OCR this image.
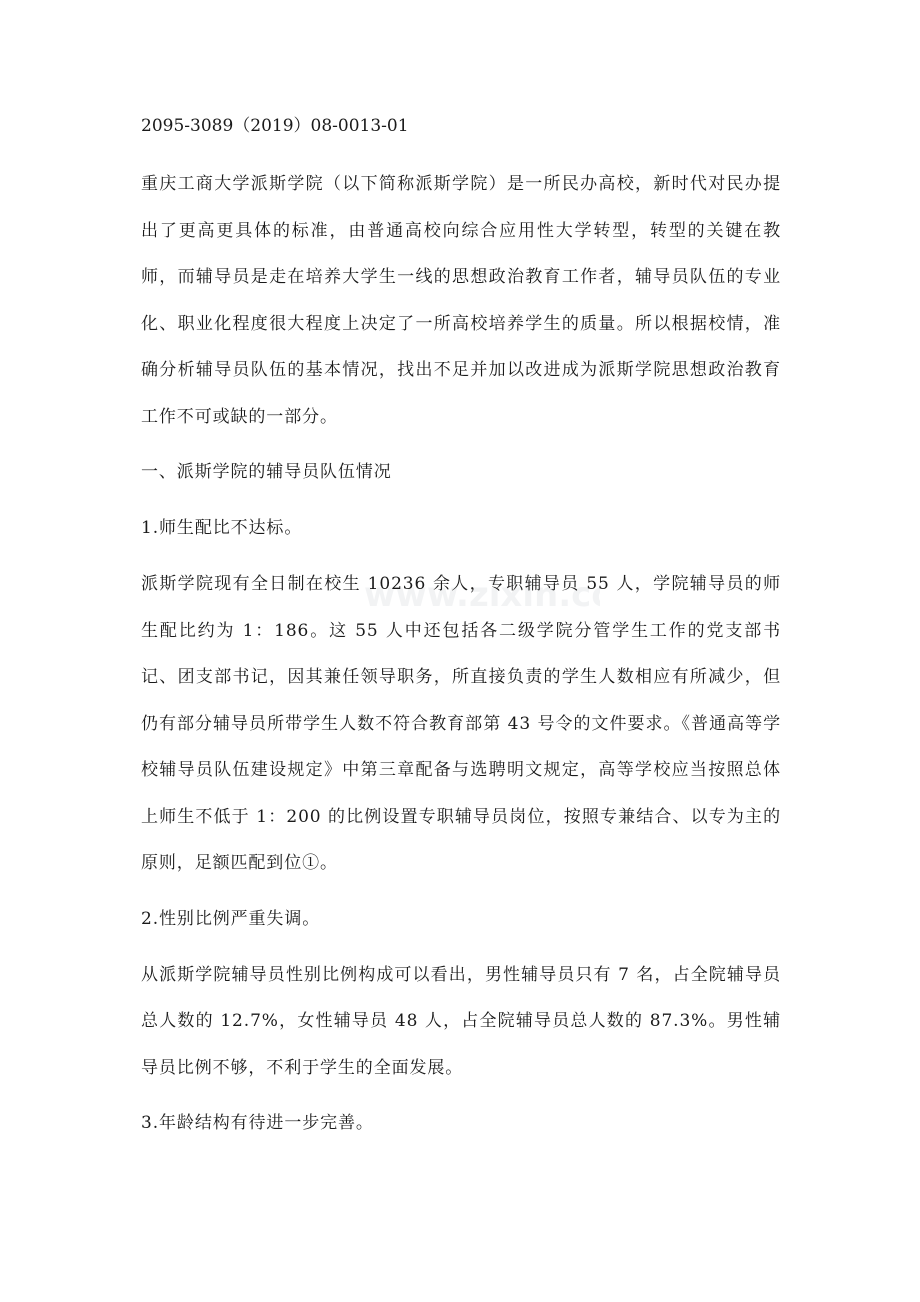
www.zixin.c

2095-3089（2019）08-0013-01

重庆工商大学派斯学院（以下简称派斯学院）是一所民办高校，新时代对民办提出了更高更具体的标准，由普通高校向综合应用性大学转型，转型的关键在教师，而辅导员是走在培养大学生一线的思想政治教育工作者，辅导员队伍的专业化、职业化程度很大程度上决定了一所高校培养学生的质量。所以根据校情，准确分析辅导员队伍的基本情况，找出不足并加以改进成为派斯学院思想政治教育工作不可或缺的一部分。

一、派斯学院的辅导员队伍情况

1.师生配比不达标。

派斯学院现有全日制在校生 10236 余人，专职辅导员 55 人，学院辅导员的师生配比约为 1：186。这 55 人中还包括各二级学院分管学生工作的党支部书记、团支部书记，因其兼任领导职务，所直接负责的学生人数相应有所减少，但仍有部分辅导员所带学生人数不符合教育部第 43 号令的文件要求。《普通高等学校辅导员队伍建设规定》中第三章配备与选聘明文规定，高等学校应当按照总体上师生不低于 1：200 的比例设置专职辅导员岗位，按照专兼结合、以专为主的原则，足额匹配到位①。

2.性别比例严重失调。

从派斯学院辅导员性别比例构成可以看出，男性辅导员只有 7 名，占全院辅导员总人数的 12.7%，女性辅导员 48 人，占全院辅导员总人数的 87.3%。男性辅导员比例不够，不利于学生的全面发展。

3.年龄结构有待进一步完善。
